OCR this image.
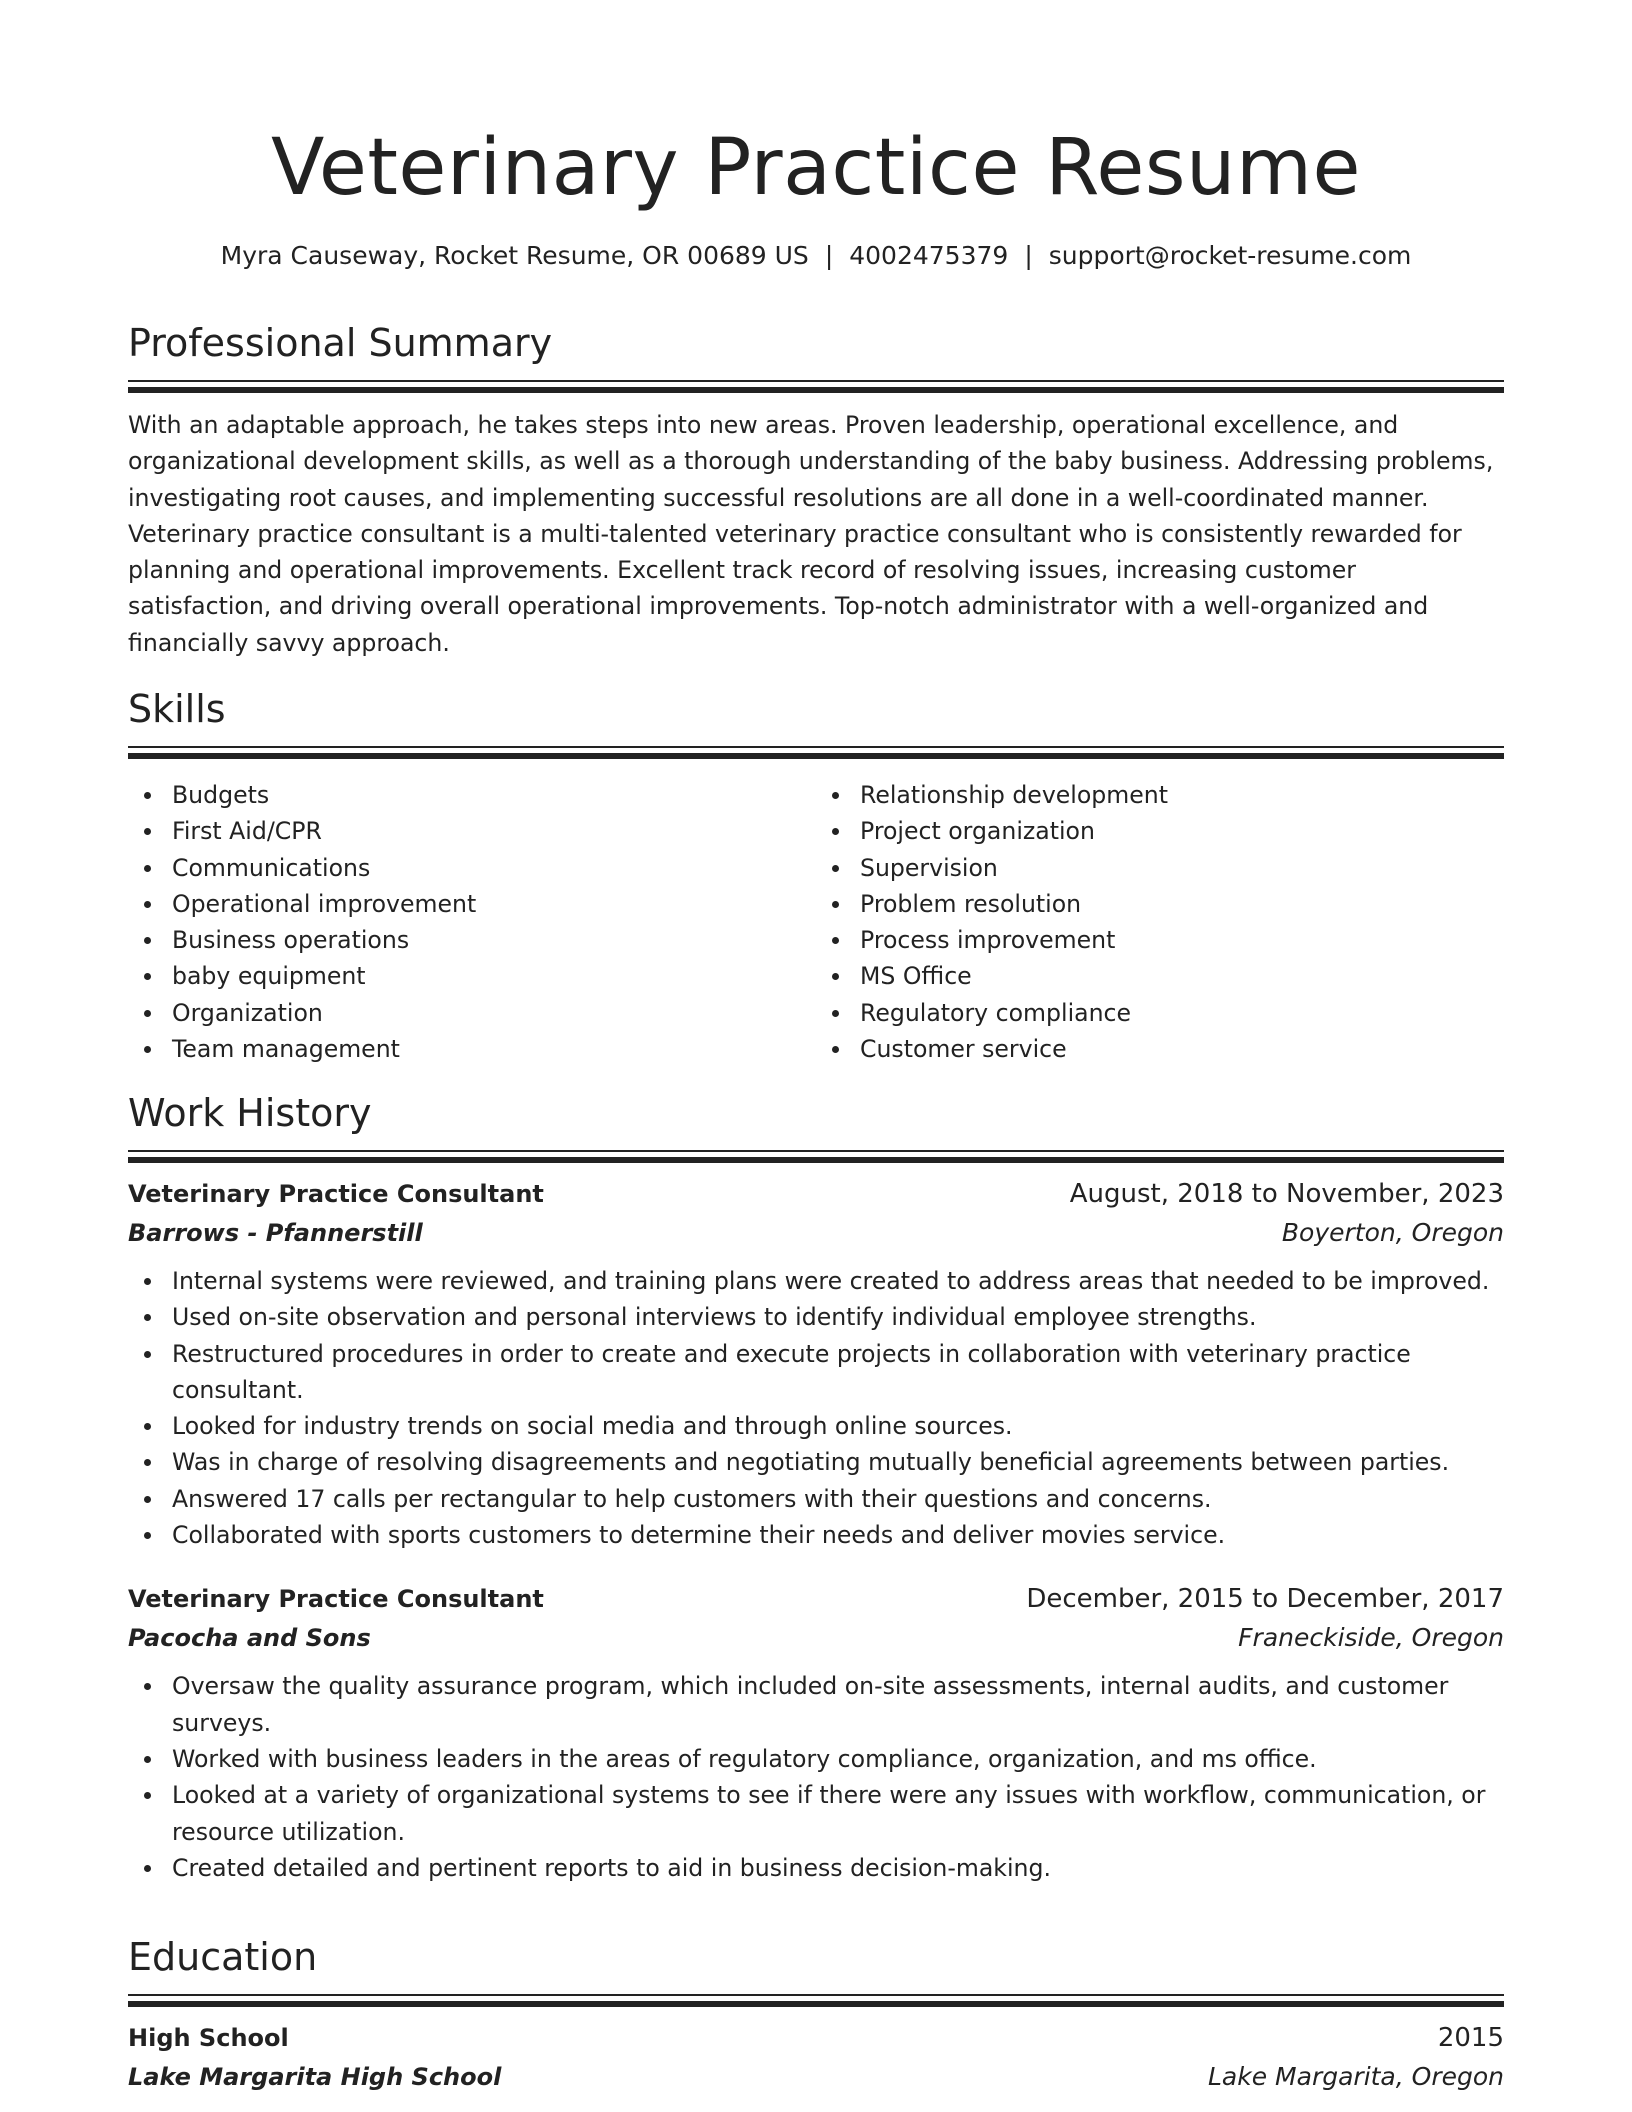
Veterinary Practice Resume
Myra Causeway, Rocket Resume, OR 00689 US | 4002475379 | support@rocket-resume.com
Professional Summary
With an adaptable approach, he takes steps into new areas. Proven leadership, operational excellence, and organizational development skills, as well as a thorough understanding of the baby business. Addressing problems, investigating root causes, and implementing successful resolutions are all done in a well-coordinated manner. Veterinary practice consultant is a multi-talented veterinary practice consultant who is consistently rewarded for planning and operational improvements. Excellent track record of resolving issues, increasing customer satisfaction, and driving overall operational improvements. Top-notch administrator with a well-organized and financially savvy approach.
Skills
Budgets
First Aid/CPR
Communications
Operational improvement
Business operations
baby equipment
Organization
Team management
Relationship development
Project organization
Supervision
Problem resolution
Process improvement
MS Office
Regulatory compliance
Customer service
Work History
Veterinary Practice Consultant	August, 2018 to November, 2023
Barrows - Pfannerstill	Boyerton, Oregon
Internal systems were reviewed, and training plans were created to address areas that needed to be improved.
Used on-site observation and personal interviews to identify individual employee strengths.
Restructured procedures in order to create and execute projects in collaboration with veterinary practice consultant.
Looked for industry trends on social media and through online sources.
Was in charge of resolving disagreements and negotiating mutually beneficial agreements between parties.
Answered 17 calls per rectangular to help customers with their questions and concerns.
Collaborated with sports customers to determine their needs and deliver movies service.
Veterinary Practice Consultant	December, 2015 to December, 2017
Pacocha and Sons	Franeckiside, Oregon
Oversaw the quality assurance program, which included on-site assessments, internal audits, and customer surveys.
Worked with business leaders in the areas of regulatory compliance, organization, and ms office.
Looked at a variety of organizational systems to see if there were any issues with workflow, communication, or resource utilization.
Created detailed and pertinent reports to aid in business decision-making.
Education
High School	2015
Lake Margarita High School	Lake Margarita, Oregon
